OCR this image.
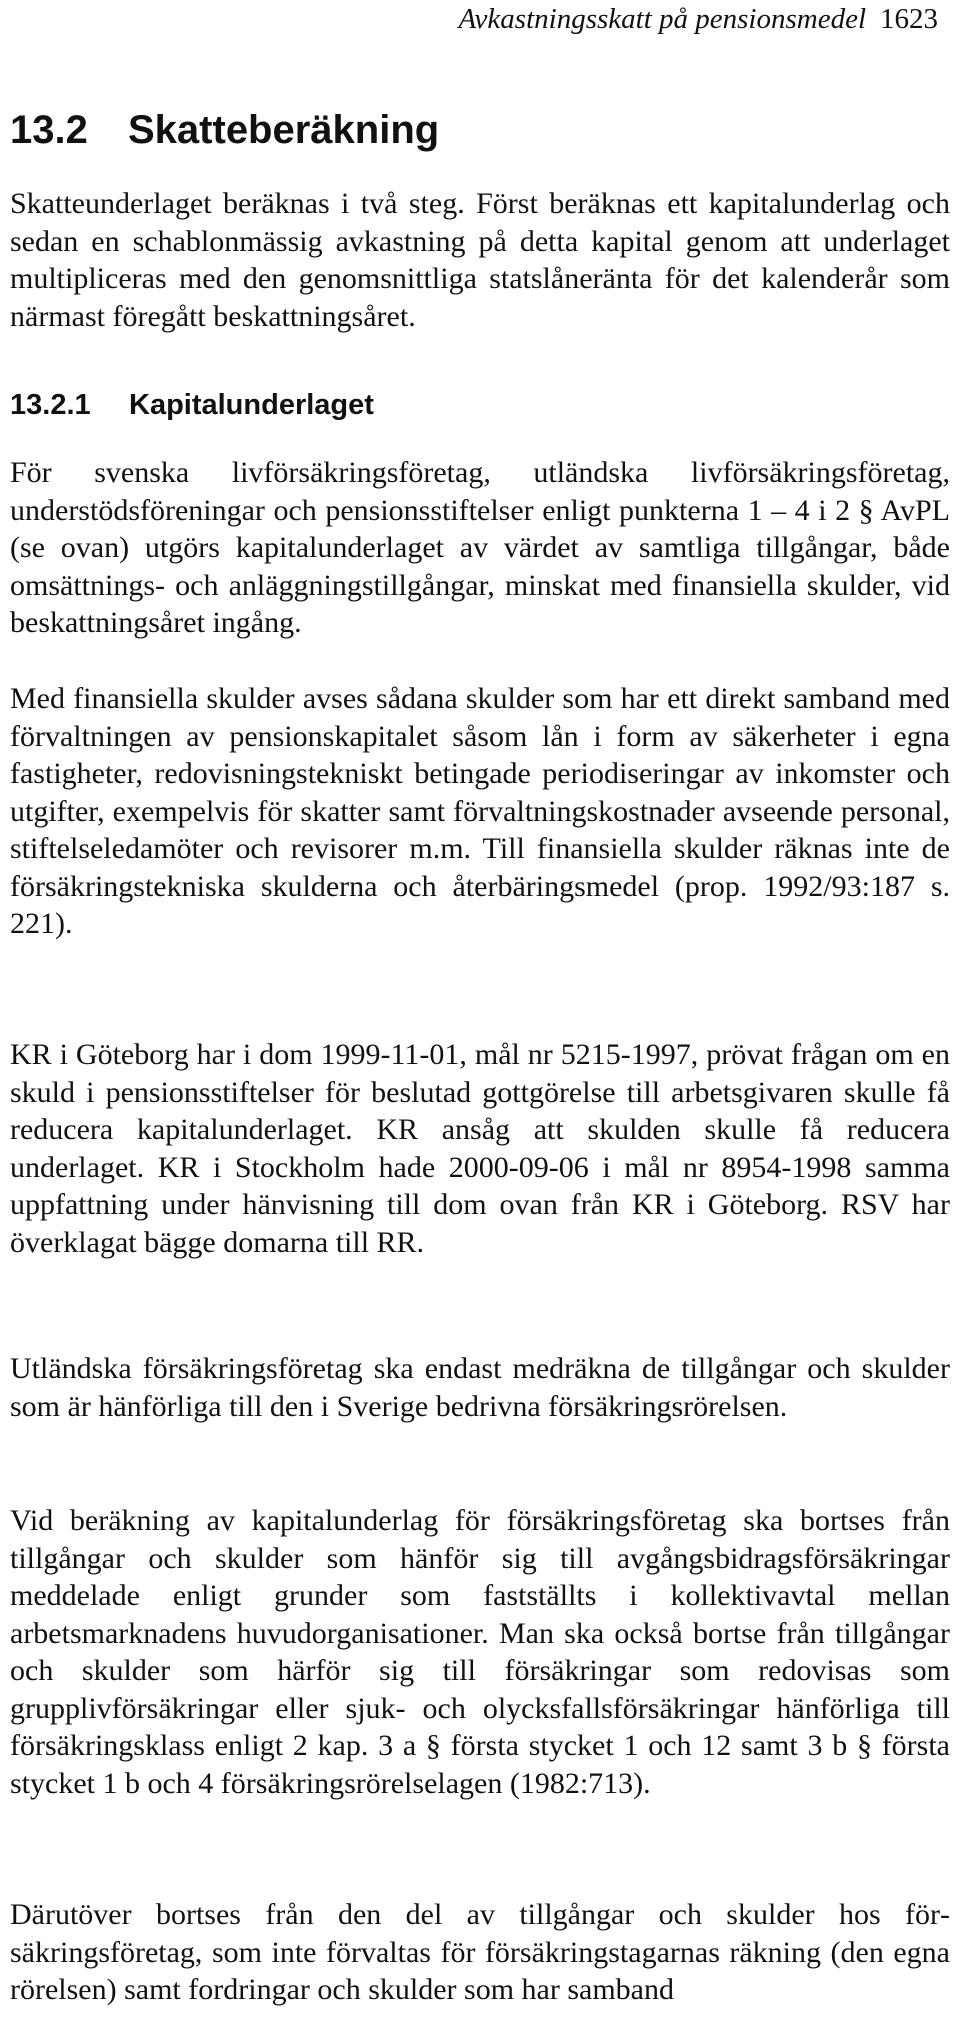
Avkastningsskatt på pensionsmedel 1623
13.2 Skatteberäkning

Skatteunderlaget beräknas i två steg. Först beräknas ett kapitalunderlag och sedan en schablonmässig avkastning på detta kapital genom att underlaget multipliceras med den genomsnittliga statslåneränta för det kalenderår som närmast föregått beskattningsåret.

13.2.1 Kapitalunderlaget

För svenska livförsäkringsföretag, utländska livförsäkringsföretag, understödsföreningar och pensionsstiftelser enligt punkterna 1 – 4 i 2 § AvPL (se ovan) utgörs kapitalunderlaget av värdet av samtliga tillgångar, både omsättnings- och anläggningstillgångar, minskat med finansiella skulder, vid beskattningsåret ingång.

Med finansiella skulder avses sådana skulder som har ett direkt samband med förvaltningen av pensionskapitalet såsom lån i form av säkerheter i egna fastigheter, redovisningstekniskt betingade periodiseringar av inkomster och utgifter, exempelvis för skatter samt förvaltningskostnader avseende personal, stiftelseledamöter och revisorer m.m. Till finansiella skulder räknas inte de försäkringstekniska skulderna och återbäringsmedel (prop. 1992/93:187 s. 221).

KR i Göteborg har i dom 1999-11-01, mål nr 5215-1997, prövat frågan om en skuld i pensionsstiftelser för beslutad gottgörelse till arbetsgivaren skulle få reducera kapitalunderlaget. KR ansåg att skulden skulle få reducera underlaget. KR i Stockholm hade 2000-09-06 i mål nr 8954-1998 samma uppfattning under hänvisning till dom ovan från KR i Göteborg. RSV har överklagat bägge domarna till RR.

Utländska försäkringsföretag ska endast medräkna de tillgångar och skulder som är hänförliga till den i Sverige bedrivna försäkringsrörelsen.

Vid beräkning av kapitalunderlag för försäkringsföretag ska bortses från tillgångar och skulder som hänför sig till avgångsbidragsförsäkringar meddelade enligt grunder som fastställts i kollektivavtal mellan arbetsmarknadens huvudorganisationer. Man ska också bortse från tillgångar och skulder som härför sig till försäkringar som redovisas som grupplivförsäkringar eller sjuk- och olycksfallsförsäkringar hänförliga till försäkringsklass enligt 2 kap. 3 a § första stycket 1 och 12 samt 3 b § första stycket 1 b och 4 försäkringsrörelselagen (1982:713).

Därutöver bortses från den del av tillgångar och skulder hos försäkringsföretag, som inte förvaltas för försäkringstagarnas räkning (den egna rörelsen) samt fordringar och skulder som har samband
